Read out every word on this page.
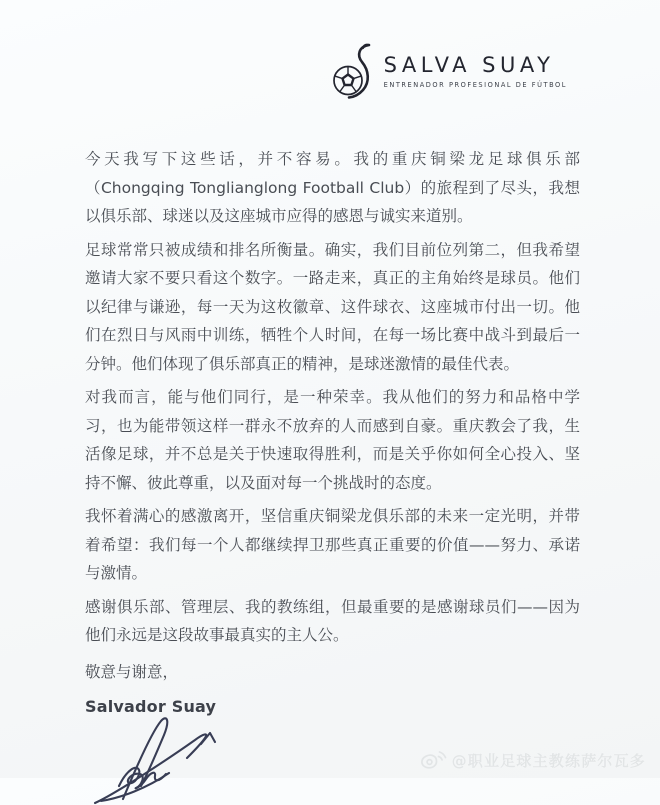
SALVA SUAY
ENTRENADOR PROFESIONAL DE FÚTBOL

今天我写下这些话，并不容易。我的重庆铜梁龙足球俱乐部（Chongqing Tonglianglong Football Club）的旅程到了尽头，我想以俱乐部、球迷以及这座城市应得的感恩与诚实来道别。

足球常常只被成绩和排名所衡量。确实，我们目前位列第二，但我希望邀请大家不要只看这个数字。一路走来，真正的主角始终是球员。他们以纪律与谦逊，每一天为这枚徽章、这件球衣、这座城市付出一切。他们在烈日与风雨中训练，牺牲个人时间，在每一场比赛中战斗到最后一分钟。他们体现了俱乐部真正的精神，是球迷激情的最佳代表。

对我而言，能与他们同行，是一种荣幸。我从他们的努力和品格中学习，也为能带领这样一群永不放弃的人而感到自豪。重庆教会了我，生活像足球，并不总是关于快速取得胜利，而是关乎你如何全心投入、坚持不懈、彼此尊重，以及面对每一个挑战时的态度。

我怀着满心的感激离开，坚信重庆铜梁龙俱乐部的未来一定光明，并带着希望：我们每一个人都继续捍卫那些真正重要的价值——努力、承诺与激情。

感谢俱乐部、管理层、我的教练组，但最重要的是感谢球员们——因为他们永远是这段故事最真实的主人公。

敬意与谢意，

Salvador Suay

@职业足球主教练萨尔瓦多
